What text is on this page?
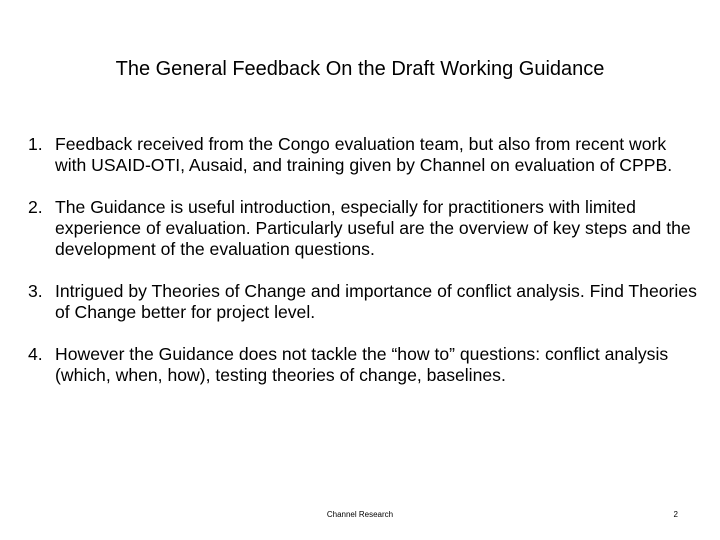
The General Feedback On the Draft Working Guidance
1. Feedback received from the Congo evaluation team, but also from recent work with USAID-OTI, Ausaid, and training given by Channel on evaluation of CPPB.
2. The Guidance is useful introduction, especially for practitioners with limited experience of evaluation. Particularly useful are the overview of key steps and the development of the evaluation questions.
3. Intrigued by Theories of Change and importance of conflict analysis. Find Theories of Change better for project level.
4. However the Guidance does not tackle the “how to” questions: conflict analysis (which, when, how), testing theories of change, baselines.
Channel Research	2
